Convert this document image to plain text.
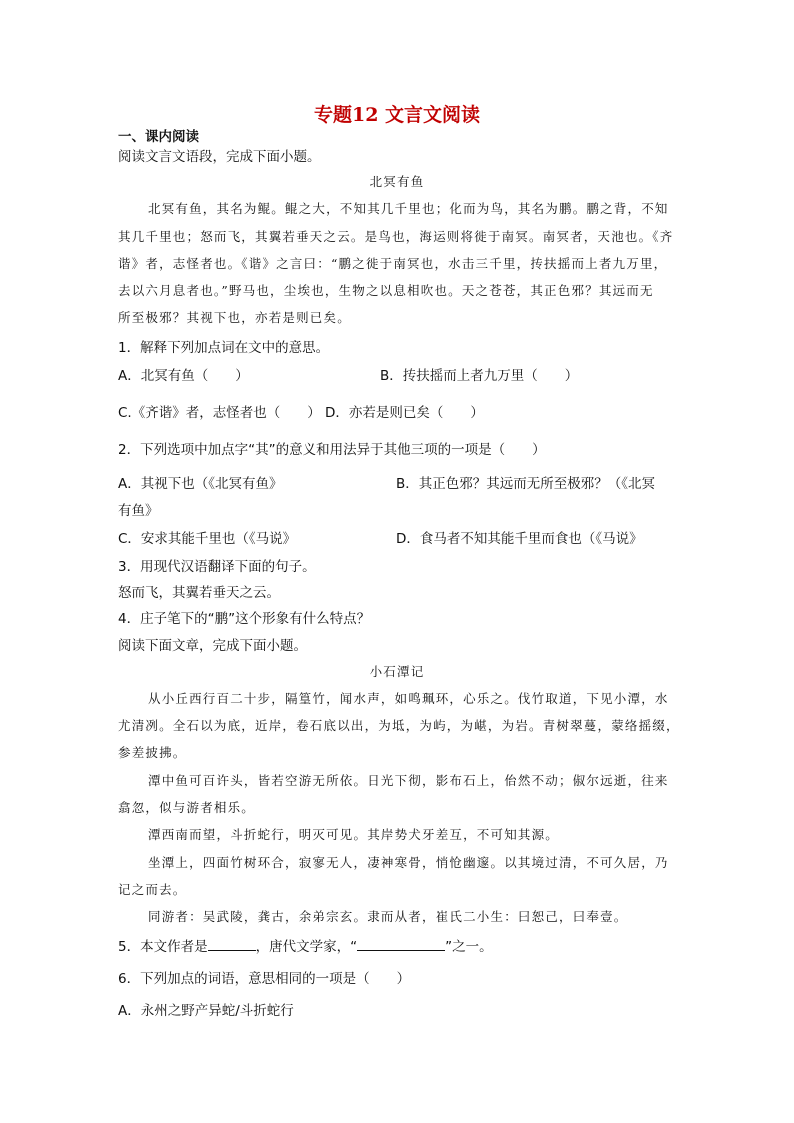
专题12 文言文阅读
一、课内阅读
阅读文言文语段，完成下面小题。
北冥有鱼
北冥有鱼，其名为鲲。鲲之大，不知其几千里也；化而为鸟，其名为鹏。鹏之背，不知
其几千里也；怒而飞，其翼若垂天之云。是鸟也，海运则将徙于南冥。南冥者，天池也。《齐
谐》者，志怪者也。《谐》之言曰：“鹏之徙于南冥也，水击三千里，抟扶摇而上者九万里，
去以六月息者也。”野马也，尘埃也，生物之以息相吹也。天之苍苍，其正色邪？其远而无
所至极邪？其视下也，亦若是则已矣。
1．解释下列加点词在文中的意思。
A．北冥有鱼（　　）	B．抟扶摇而上者九万里（　　）
C.《齐谐》者，志怪者也（　　） D．亦若是则已矣（　　）
2．下列选项中加点字“其”的意义和用法异于其他三项的一项是（　　）
A．其视下也（《北冥有鱼》	B．其正色邪？其远而无所至极邪？（《北冥
有鱼》
C．安求其能千里也（《马说》	D．食马者不知其能千里而食也（《马说》
3．用现代汉语翻译下面的句子。
怒而飞，其翼若垂天之云。
4．庄子笔下的“鹏”这个形象有什么特点？
阅读下面文章，完成下面小题。
小石潭记
从小丘西行百二十步，隔篁竹，闻水声，如鸣珮环，心乐之。伐竹取道，下见小潭，水
尤清冽。全石以为底，近岸，卷石底以出，为坻，为屿，为嵁，为岩。青树翠蔓，蒙络摇缀，
参差披拂。
潭中鱼可百许头，皆若空游无所依。日光下彻，影布石上，佁然不动；俶尔远逝，往来
翕忽，似与游者相乐。
潭西南而望，斗折蛇行，明灭可见。其岸势犬牙差互，不可知其源。
坐潭上，四面竹树环合，寂寥无人，凄神寒骨，悄怆幽邃。以其境过清，不可久居，乃
记之而去。
同游者：吴武陵，龚古，余弟宗玄。隶而从者，崔氏二小生：曰恕己，曰奉壹。
5．本文作者是	，唐代文学家，“	”之一。
6．下列加点的词语，意思相同的一项是（　　）
A．永州之野产异蛇/斗折蛇行
